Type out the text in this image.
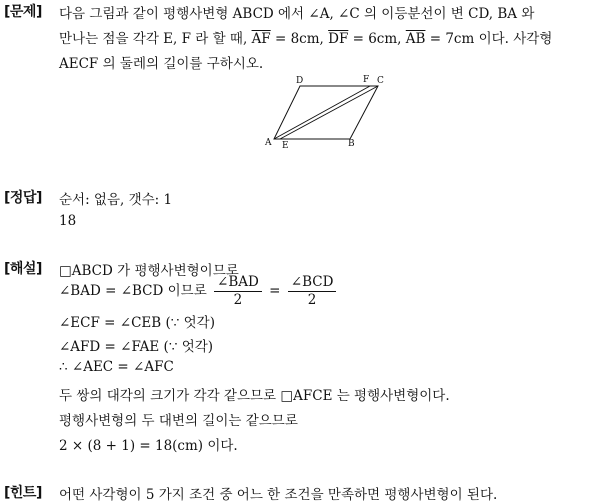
[문제] 다음 그림과 같이 평행사변형 ABCD 에서 ∠A, ∠C 의 이등분선이 변 CD, BA 와
만나는 점을 각각 E, F 라 할 때, $\overline{AF} = 8cm$, $\overline{DF} = 6cm$, $\overline{AB} = 7cm$ 이다. 사각형
AECF 의 둘레의 길이를 구하시오.
D	F C
A E	B
[정답] 순서: 없음, 갯수: 1
18
[해설] □ABCD 가 평행사변형이므로
∠BAD = ∠BCD 이므로 $\frac{\text{∠BAD}}{2} = \frac{\text{∠BCD}}{2}$
∠ECF = ∠CEB (∵ 엇각)
∠AFD = ∠FAE (∵ 엇각)
∴ ∠AEC = ∠AFC
두 쌍의 대각의 크기가 각각 같으므로 □AFCE 는 평행사변형이다.
평행사변형의 두 대변의 길이는 같으므로
2 × (8 + 1) = 18(cm) 이다.
[힌트] 어떤 사각형이 5 가지 조건 중 어느 한 조건을 만족하면 평행사변형이 된다.
